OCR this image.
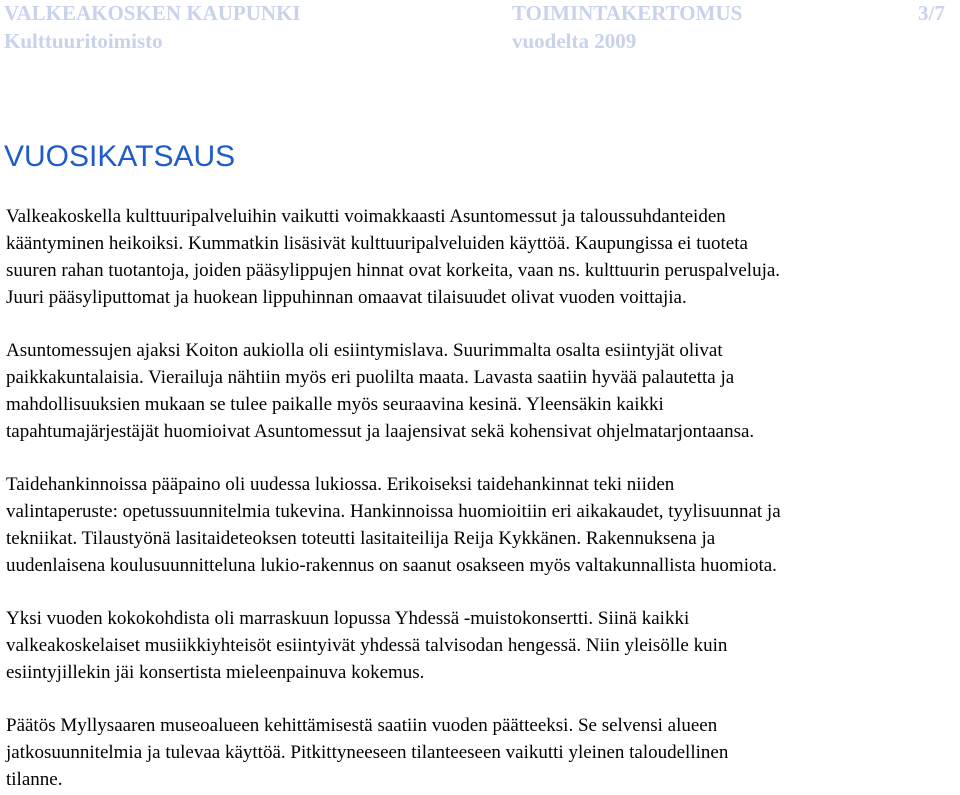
VALKEAKOSKEN KAUPUNKI
Kulttuuritoimisto
TOIMINTAKERTOMUS
vuodelta 2009
3/7
VUOSIKATSAUS

Valkeakoskella kulttuuripalveluihin vaikutti voimakkaasti Asuntomessut ja taloussuhdanteiden
kääntyminen heikoiksi. Kummatkin lisäsivät kulttuuripalveluiden käyttöä. Kaupungissa ei tuoteta
suuren rahan tuotantoja, joiden pääsylippujen hinnat ovat korkeita, vaan ns. kulttuurin peruspalveluja.
Juuri pääsyliputtomat ja huokean lippuhinnan omaavat tilaisuudet olivat vuoden voittajia.

Asuntomessujen ajaksi Koiton aukiolla oli esiintymislava. Suurimmalta osalta esiintyjät olivat
paikkakuntalaisia. Vierailuja nähtiin myös eri puolilta maata. Lavasta saatiin hyvää palautetta ja
mahdollisuuksien mukaan se tulee paikalle myös seuraavina kesinä. Yleensäkin kaikki
tapahtumajärjestäjät huomioivat Asuntomessut ja laajensivat sekä kohensivat ohjelmatarjontaansa.

Taidehankinnoissa pääpaino oli uudessa lukiossa. Erikoiseksi taidehankinnat teki niiden
valintaperuste: opetussuunnitelmia tukevina. Hankinnoissa huomioitiin eri aikakaudet, tyylisuunnat ja
tekniikat. Tilaustyönä lasitaideteoksen toteutti lasitaiteilija Reija Kykkänen. Rakennuksena ja
uudenlaisena koulusuunnitteluna lukio-rakennus on saanut osakseen myös valtakunnallista huomiota.

Yksi vuoden kokokohdista oli marraskuun lopussa Yhdessä -muistokonsertti. Siinä kaikki
valkeakoskelaiset musiikkiyhteisöt esiintyivät yhdessä talvisodan hengessä. Niin yleisölle kuin
esiintyjillekin jäi konsertista mieleenpainuva kokemus.

Päätös Myllysaaren museoalueen kehittämisestä saatiin vuoden päätteeksi. Se selvensi alueen
jatkosuunnitelmia ja tulevaa käyttöä. Pitkittyneeseen tilanteeseen vaikutti yleinen taloudellinen
tilanne.
